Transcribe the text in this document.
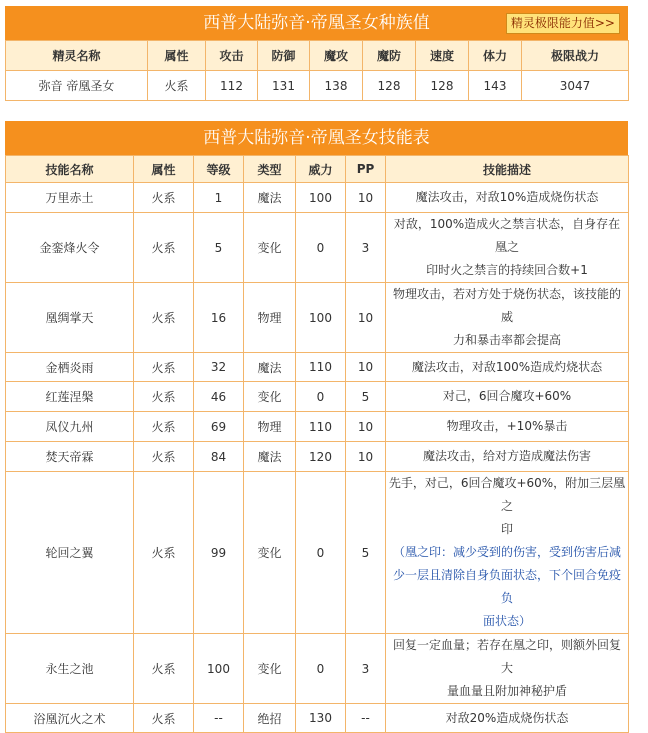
西普大陆弥音·帝凰圣女种族值	精灵极限能力值>>
精灵名称	属性	攻击	防御	魔攻	魔防	速度	体力	极限战力
弥音 帝凰圣女	火系	112	131	138	128	128	143	3047
西普大陆弥音·帝凰圣女技能表
技能名称	属性	等级	类型	威力	PP	技能描述
万里赤土	火系	1	魔法	100	10	魔法攻击，对敌10%造成烧伤状态

金銮烽火令	火系	5	变化	0	3	对敌，100%造成火之禁言状态，自身存在凰之
印时火之禁言的持续回合数+1

凰绸掌天	火系	16	物理	100	10	物理攻击，若对方处于烧伤状态，该技能的威
力和暴击率都会提高

金栖炎雨	火系	32	魔法	110	10	魔法攻击，对敌100%造成灼烧状态

红莲涅槃	火系	46	变化	0	5	对己，6回合魔攻+60%

凤仪九州	火系	69	物理	110	10	物理攻击，+10%暴击

焚天帝霖	火系	84	魔法	120	10	魔法攻击，给对方造成魔法伤害

轮回之翼	火系	99	变化	0	5	先手，对己，6回合魔攻+60%，附加三层凰之
印
（凰之印：减少受到的伤害，受到伤害后减
少一层且清除自身负面状态，下个回合免疫负
面状态）

永生之池	火系	100	变化	0	3	回复一定血量；若存在凰之印，则额外回复大
量血量且附加神秘护盾

浴凰沉火之术	火系	--	绝招	130	--	对敌20%造成烧伤状态
